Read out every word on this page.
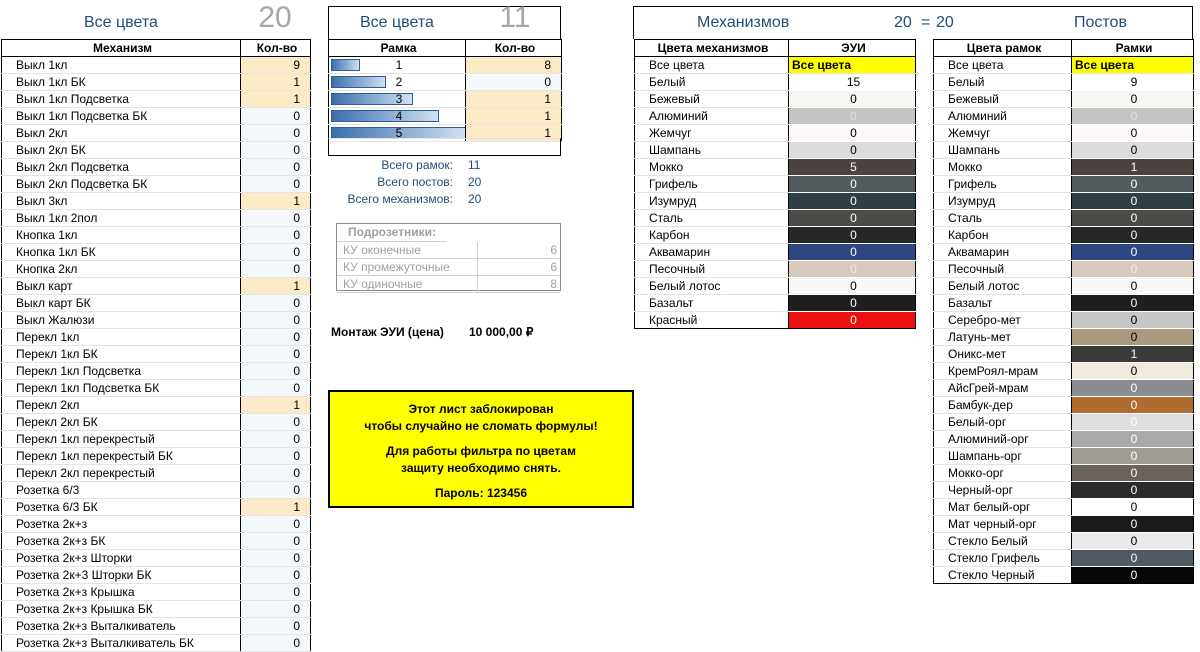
Все цвета	20
Механизм	Кол-во
Выкл 1кл	9
Выкл 1кл БК	1
Выкл 1кл Подсветка	1
Выкл 1кл Подсветка БК	0
Выкл 2кл	0
Выкл 2кл БК	0
Выкл 2кл Подсветка	0
Выкл 2кл Подсветка БК	0
Выкл 3кл	1
Выкл 1кл 2пол	0
Кнопка 1кл	0
Кнопка 1кл БК	0
Кнопка 2кл	0
Выкл карт	1
Выкл карт БК	0
Выкл Жалюзи	0
Перекл 1кл	0
Перекл 1кл БК	0
Перекл 1кл Подсветка	0
Перекл 1кл Подсветка БК	0
Перекл 2кл	1
Перекл 2кл БК	0
Перекл 1кл перекрестый	0
Перекл 1кл перекрестый БК	0
Перекл 2кл перекрестый	0
Розетка 6/3	0
Розетка 6/3 БК	1
Розетка 2к+з	0
Розетка 2к+з БК	0
Розетка 2к+з Шторки	0
Розетка 2к+3 Шторки БК	0
Розетка 2к+з Крышка	0
Розетка 2к+з Крышка БК	0
Розетка 2к+з Выталкиватель	0
Розетка 2к+з Выталкиватель БК	0
Все цвета	11
Рамка	Кол-во

1	8

2	0

3	1

4	1

5	1
Всего рамок:	11
Всего постов:	20
Всего механизмов:	20
Подрозетники:
КУ оконечные	6
КУ промежуточные	6
КУ одиночные	8
Монтаж ЭУИ (цена) 10 000,00 ₽
Этот лист заблокирован
чтобы случайно не сломать формулы!
Для работы фильтра по цветам
защиту необходимо снять.
Пароль: 123456
Механизмов	20 = 20	Постов
Цвета механизмов	ЭУИ
Все цвета	Все цвета
Белый	15
Бежевый	0
Алюминий	0
Жемчуг	0
Шампань	0
Мокко	5
Грифель	0
Изумруд	0
Сталь	0
Карбон	0
Аквамарин	0
Песочный	0
Белый лотос	0
Базальт	0
Красный	0
Цвета рамок	Рамки
Все цвета	Все цвета
Белый	9
Бежевый	0
Алюминий	0
Жемчуг	0
Шампань	0
Мокко	1
Грифель	0
Изумруд	0
Сталь	0
Карбон	0
Аквамарин	0
Песочный	0
Белый лотос	0
Базальт	0
Серебро-мет	0
Латунь-мет	0
Оникс-мет	1
КремРоял-мрам	0
АйсГрей-мрам	0
Бамбук-дер	0
Белый-орг	0
Алюминий-орг	0
Шампань-орг	0
Мокко-орг	0
Черный-орг	0
Мат белый-орг	0
Мат черный-орг	0
Стекло Белый	0
Стекло Грифель	0
Стекло Черный	0
